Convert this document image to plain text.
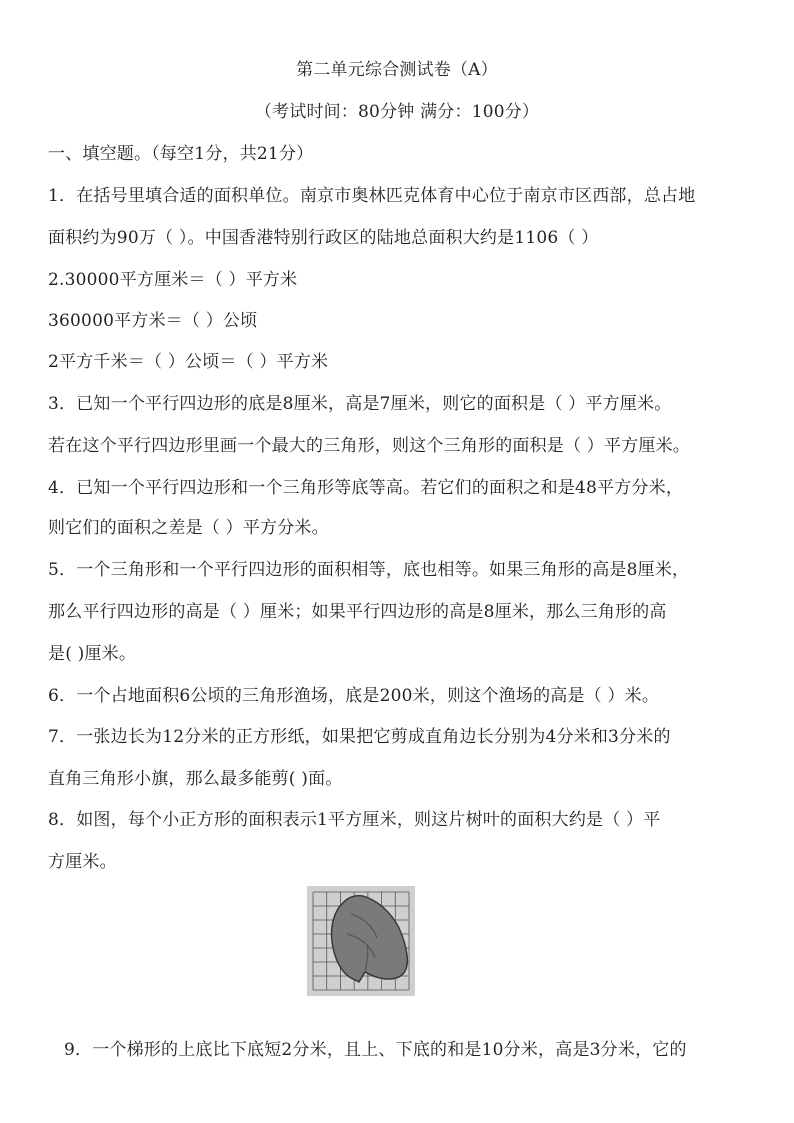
第二单元综合测试卷（A）
（考试时间：80分钟 满分：100分）
一、填空题。（每空1分，共21分）
1．在括号里填合适的面积单位。南京市奥林匹克体育中心位于南京市区西部，总占地
面积约为90万（ ）。中国香港特别行政区的陆地总面积大约是1106（ ）
2.30000平方厘米＝（ ）平方米
360000平方米＝（ ）公顷
2平方千米＝（ ）公顷＝（ ）平方米
3．已知一个平行四边形的底是8厘米，高是7厘米，则它的面积是（ ）平方厘米。
若在这个平行四边形里画一个最大的三角形，则这个三角形的面积是（ ）平方厘米。
4．已知一个平行四边形和一个三角形等底等高。若它们的面积之和是48平方分米，
则它们的面积之差是（ ）平方分米。
5．一个三角形和一个平行四边形的面积相等，底也相等。如果三角形的高是8厘米，
那么平行四边形的高是（ ）厘米；如果平行四边形的高是8厘米，那么三角形的高
是( )厘米。
6．一个占地面积6公顷的三角形渔场，底是200米，则这个渔场的高是（ ）米。
7．一张边长为12分米的正方形纸，如果把它剪成直角边长分别为4分米和3分米的
直角三角形小旗，那么最多能剪( )面。
8．如图，每个小正方形的面积表示1平方厘米，则这片树叶的面积大约是（ ）平
方厘米。
9．一个梯形的上底比下底短2分米，且上、下底的和是10分米，高是3分米，它的
